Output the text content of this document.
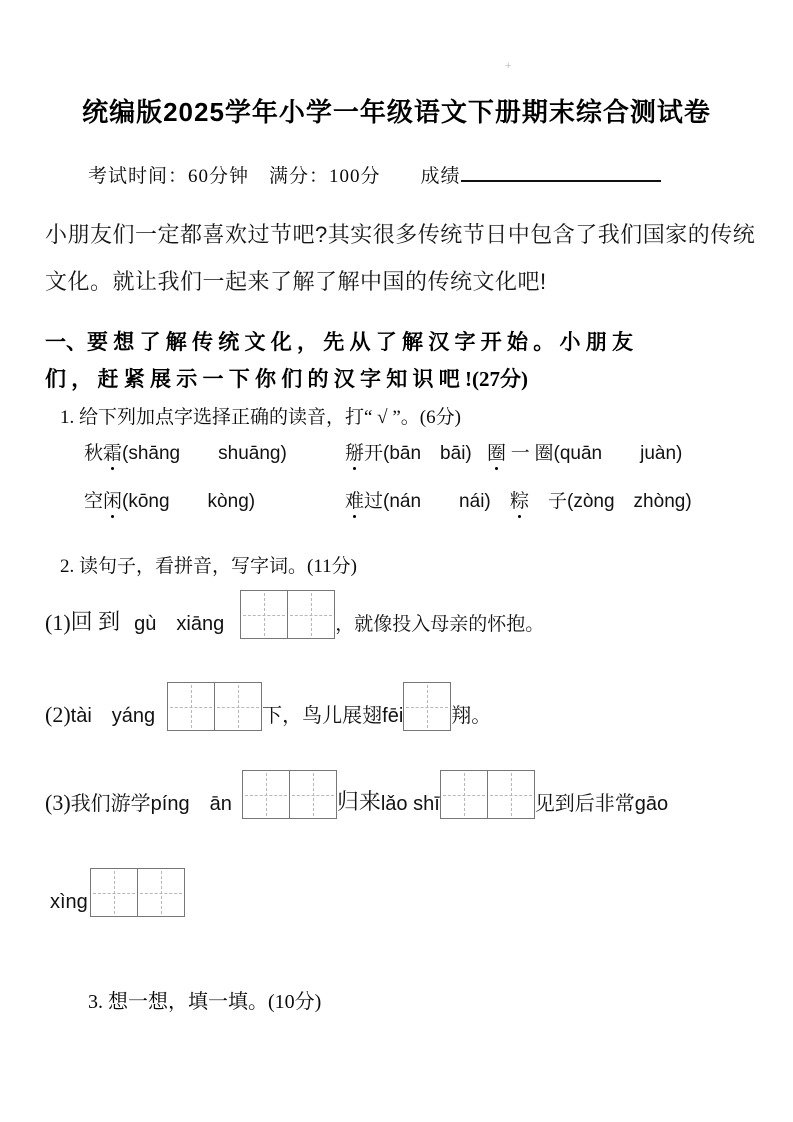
+
统编版2025学年小学一年级语文下册期末综合测试卷
考试时间：60分钟　满分：100分　　成绩
小朋友们一定都喜欢过节吧?其实很多传统节日中包含了我们国家的传统
文化。就让我们一起来了解了解中国的传统文化吧!
一、要 想 了 解 传 统 文 化 ， 先 从 了 解 汉 字 开 始 。 小 朋 友
们 ， 赶 紧 展 示 一 下 你 们 的 汉 字 知 识 吧 !(27分)
1. 给下列加点字选择正确的读音，打“ √ ”。(6分)
秋霜(shāng　　shuāng)	掰开(bān　bāi) 圈 一 圈(quān　　juàn)
空闲(kōng　　kòng)	难过(nán　　nái) 粽　子(zòng　zhòng)
2. 读句子，看拼音，写字词。(11分)
(1) 回 到 gù　xiāng	，就像投入母亲的怀抱。
(2) tài　yáng	下，鸟儿展翅 fēi 翔。
(3) 我们游学 píng　ān	归来 lǎo shī	见到后非常 gāo
xìng
3. 想一想，填一填。(10分)
